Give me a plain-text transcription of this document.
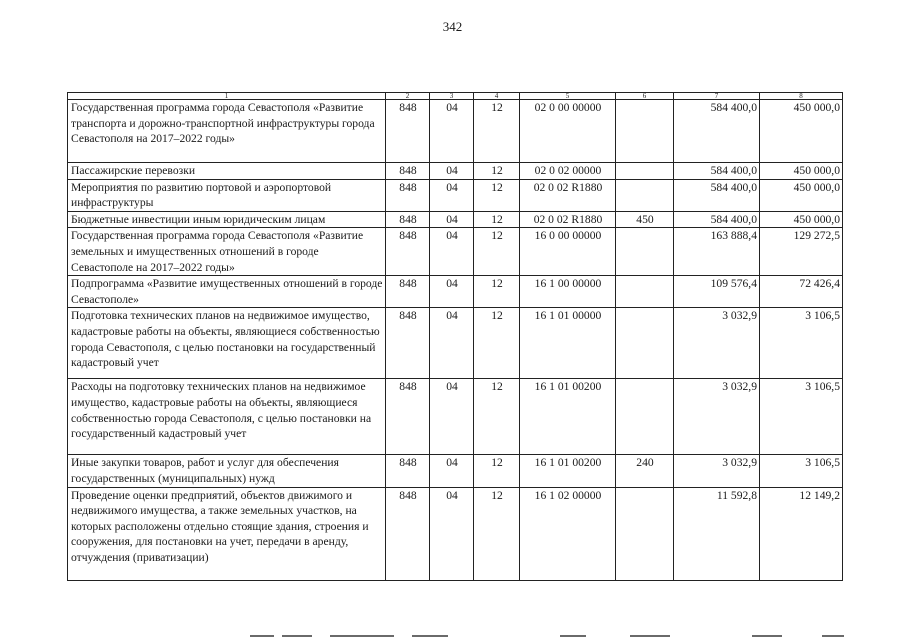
342
1	2	3	4	5	6	7	8
Государственная программа города Севастополя «Развитие транспорта и дорожно-транспортной инфраструктуры города Севастополя на 2017–2022 годы»	848	04	12	02 0 00 00000		584 400,0	450 000,0
Пассажирские перевозки	848	04	12	02 0 02 00000		584 400,0	450 000,0
Мероприятия по развитию портовой и аэропортовой инфраструктуры	848	04	12	02 0 02 R1880		584 400,0	450 000,0
Бюджетные инвестиции иным юридическим лицам	848	04	12	02 0 02 R1880	450	584 400,0	450 000,0
Государственная программа города Севастополя «Развитие земельных и имущественных отношений в городе Севастополе на 2017–2022 годы»	848	04	12	16 0 00 00000		163 888,4	129 272,5
Подпрограмма «Развитие имущественных отношений в городе Севастополе»	848	04	12	16 1 00 00000		109 576,4	72 426,4
Подготовка технических планов на недвижимое имущество, кадастровые работы на объекты, являющиеся собственностью города Севастополя, с целью постановки на государственный кадастровый учет	848	04	12	16 1 01 00000		3 032,9	3 106,5
Расходы на подготовку технических планов на недвижимое имущество, кадастровые работы на объекты, являющиеся собственностью города Севастополя, с целью постановки на государственный кадастровый учет	848	04	12	16 1 01 00200		3 032,9	3 106,5
Иные закупки товаров, работ и услуг для обеспечения государственных (муниципальных) нужд	848	04	12	16 1 01 00200	240	3 032,9	3 106,5
Проведение оценки предприятий, объектов движимого и недвижимого имущества, а также земельных участков, на которых расположены отдельно стоящие здания, строения и сооружения, для постановки на учет, передачи в аренду, отчуждения (приватизации)	848	04	12	16 1 02 00000		11 592,8	12 149,2
